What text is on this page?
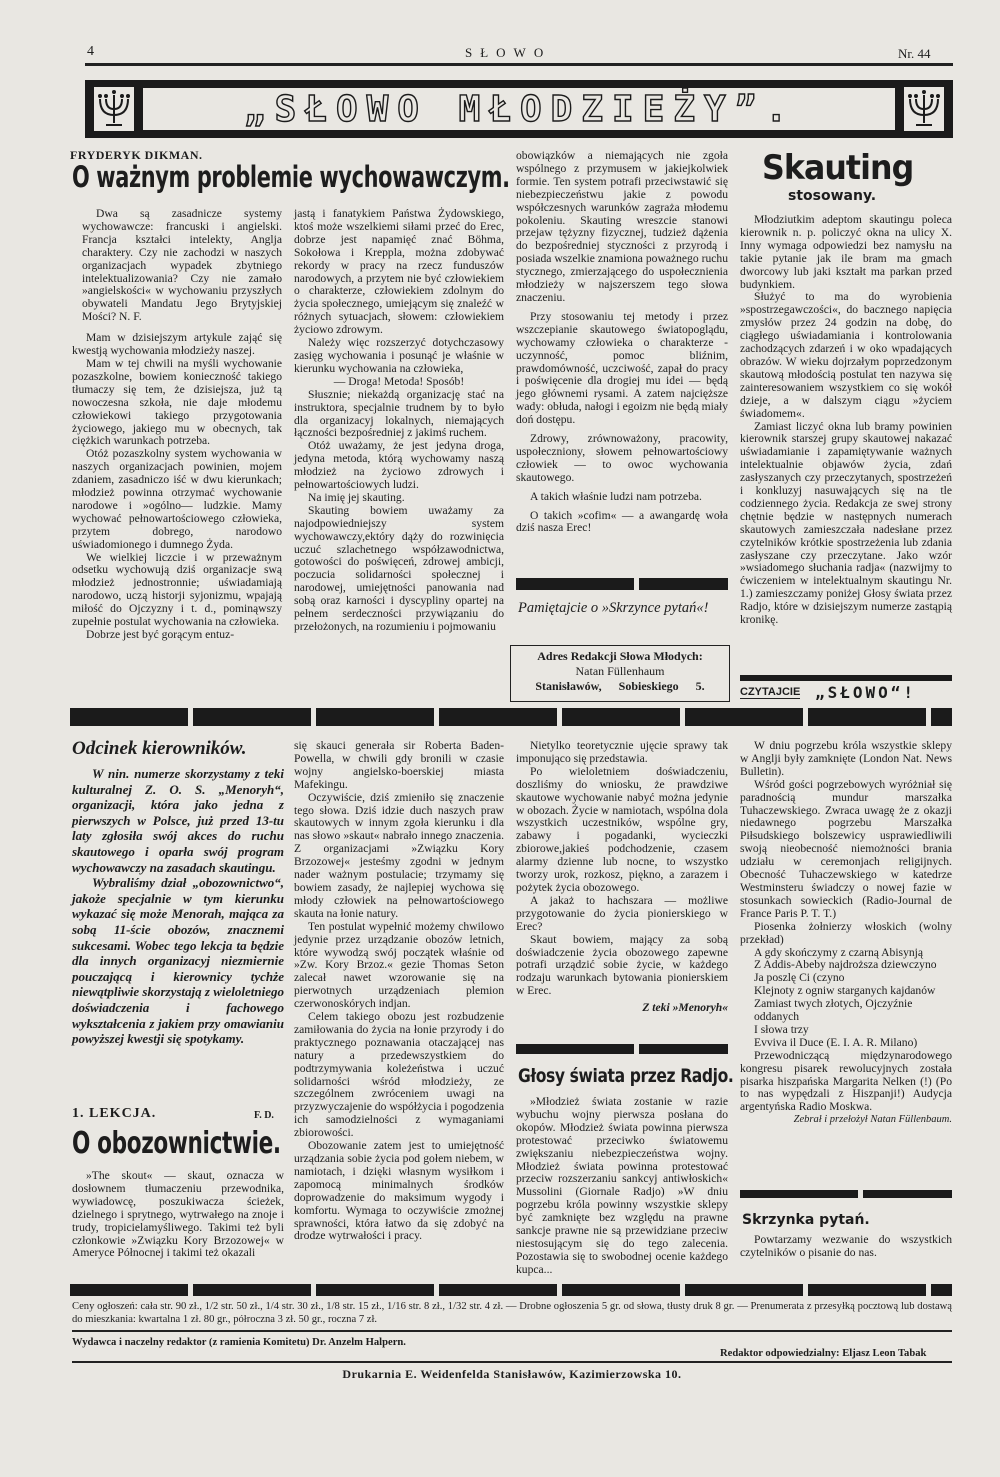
4	SŁOWO	Nr. 44
„SŁOWO MŁODZIEŻY”.
FRYDERYK DIKMAN.
O ważnym problemie wychowawczym.

Dwa są zasadnicze systemy wychowawcze: francuski i angielski. Francja kształci intelekty, Anglja charaktery. Czy nie zachodzi w naszych organizacjach wypadek zbytniego intelektualizowania? Czy nie zamało »angielskości« w wychowaniu przyszłych obywateli Mandatu Jego Brytyjskiej Mości? N. F.

Mam w dzisiejszym artykule zająć się kwestją wychowania młodzieży naszej.

Mam w tej chwili na myśli wychowanie pozaszkolne, bowiem konieczność takiego tłumaczy się tem, że dzisiejsza, już tą nowoczesna szkoła, nie daje młodemu człowiekowi takiego przygotowania życiowego, jakiego mu w obecnych, tak ciężkich warunkach potrzeba.

Otóż pozaszkolny system wychowania w naszych organizacjach powinien, mojem zdaniem, zasadniczo iść w dwu kierunkach; młodzież powinna otrzymać wychowanie narodowe i »ogólno— ludzkie. Mamy wychować pełnowartościowego człowieka, przytem dobrego, narodowo uświadomionego i dumnego Żyda.

We wielkiej liczcie i w przeważnym odsetku wychowują dziś organizacje swą młodzież jednostronnie; uświadamiają narodowo, uczą historji syjonizmu, wpajają miłość do Ojczyzny i t. d., pominąwszy zupełnie postulat wychowania na człowieka.

Dobrze jest być gorącym entuz-

jastą i fanatykiem Państwa Żydowskiego, ktoś może wszelkiemi siłami przeć do Erec, dobrze jest napamięć znać Böhma, Sokołowa i Kreppla, można zdobywać rekordy w pracy na rzecz funduszów narodowych, a przytem nie być człowiekiem o charakterze, człowiekiem zdolnym do życia społecznego, umiejącym się znaleźć w różnych sytuacjach, słowem: człowiekiem życiowo zdrowym.

Należy więc rozszerzyć dotychczasowy zasięg wychowania i posunąć je właśnie w kierunku wychowania na człowieka,

— Droga! Metoda! Sposób!

Słusznie; niekażdą organizację stać na instruktora, specjalnie trudnem by to było dla organizacyj lokalnych, niemających łączności bezpośredniej z jakimś ruchem.

Otóż uważamy, że jest jedyna droga, jedyna metoda, którą wychowamy naszą młodzież na życiowo zdrowych i pełnowartościowych ludzi.

Na imię jej skauting.

Skauting bowiem uważamy za najodpowiedniejszy system wychowawczy,ektóry dąży do rozwinięcia uczuć szlachetnego współzawodnictwa, gotowości do poświęceń, zdrowej ambicji, poczucia solidarności społecznej i narodowej, umiejętności panowania nad sobą oraz karności i dyscypliny opartej na pełnem serdeczności przywiązaniu do przełożonych, na rozumieniu i pojmowaniu

obowiązków a niemających nie zgoła wspólnego z przymusem w jakiejkolwiek formie. Ten system potrafi przeciwstawić się niebezpieczeństwu jakie z powodu współczesnych warunków zagraża młodemu pokoleniu. Skauting wreszcie stanowi przejaw tężyzny fizycznej, tudzież dążenia do bezpośredniej styczności z przyrodą i posiada wszelkie znamiona poważnego ruchu stycznego, zmierzającego do uspołecznienia młodzieży w najszerszem tego słowa znaczeniu.

Przy stosowaniu tej metody i przez wszczepianie skautowego światopoglądu, wychowamy człowieka o charakterze - uczynność, pomoc bliźnim, prawdomówność, uczciwość, zapał do pracy i poświęcenie dla drogiej mu idei — będą jego głównemi rysami. A zatem najcięższe wady: obłuda, nałogi i egoizm nie będą miały doń dostępu.

Zdrowy, zrównoważony, pracowity, uspołeczniony, słowem pełnowartościowy człowiek — to owoc wychowania skautowego.

A takich właśnie ludzi nam potrzeba.

O takich »cofim« — a awangardę woła dziś nasza Erec!

Pamiętajcie o »Skrzynce pytań«!
Adres Redakcji Słowa Młodych:
Natan Füllenhaum
Stanisławów, Sobieskiego 5.
Skauting
stosowany.

Młodziutkim adeptom skautingu poleca kierownik n. p. policzyć okna na ulicy X. Inny wymaga odpowiedzi bez namysłu na takie pytanie jak ile bram ma gmach dworcowy lub jaki kształt ma parkan przed budynkiem.

Służyć to ma do wyrobienia »spostrzegawczości«, do bacznego napięcia zmysłów przez 24 godzin na dobę, do ciągłego uświadamiania i kontrolowania zachodzących zdarzeń i w oko wpadających obrazów. W wieku dojrzałym poprzedzonym skautową młodością postulat ten nazywa się zainteresowaniem wszystkiem co się wokół dzieje, a w dalszym ciągu »życiem świadomem«.

Zamiast liczyć okna lub bramy powinien kierownik starszej grupy skautowej nakazać uświadamianie i zapamiętywanie ważnych intelektualnie objawów życia, zdań zasłyszanych czy przeczytanych, spostrzeżeń i konkluzyj nasuwających się na tle codziennego życia. Redakcja ze swej strony chętnie będzie w następnych numerach skautowych zamieszczała nadesłane przez czytelników krótkie spostrzeżenia lub zdania zasłyszane czy przeczytane. Jako wzór »wsiadomego słuchania radja« (nazwijmy to ćwiczeniem w intelektualnym skautingu Nr. 1.) zamieszczamy poniżej Głosy świata przez Radjo, które w dzisiejszym numerze zastąpią kronikę.

CZYTAJCIE „SŁOWO“!
Odcinek kierowników.

W nin. numerze skorzystamy z teki kulturalnej Z. O. S. „Menoryh“, organizacji, która jako jedna z pierwszych w Polsce, już przed 13-tu laty zgłosiła swój akces do ruchu skautowego i oparła swój program wychowawczy na zasadach skautingu.

Wybraliśmy dział „obozownictwo“, jakoże specjalnie w tym kierunku wykazać się może Menorah, mająca za sobą 11-ście obozów, znacznemi sukcesami. Wobec tego lekcja ta będzie dla innych organizacyj niezmiernie pouczającą i kierownicy tychże niewątpliwie skorzystają z wieloletniego doświadczenia i fachowego wykształcenia z jakiem przy omawianiu powyższej kwestji się spotykamy.

1. LEKCJA.	F. D.
O obozownictwie.

»The skout« — skaut, oznacza w dosłownem tłumaczeniu przewodnika, wywiadowcę, poszukiwacza ścieżek, dzielnego i sprytnego, wytrwałego na znoje i trudy, tropicielamyśliwego. Takimi też byli członkowie »Związku Kory Brzozowej« w Ameryce Północnej i takimi też okazali

się skauci generała sir Roberta Baden-Powella, w chwili gdy bronili w czasie wojny angielsko-boerskiej miasta Mafekingu.

Oczywiście, dziś zmieniło się znaczenie tego słowa. Dziś idzie duch naszych praw skautowych w innym zgoła kierunku i dla nas słowo »skaut« nabrało innego znaczenia. Z organizacjami »Związku Kory Brzozowej« jesteśmy zgodni w jednym nader ważnym postulacie; trzymamy się bowiem zasady, że najlepiej wychowa się młody człowiek na pełnowartościowego skauta na łonie natury.

Ten postulat wypełnić możemy chwilowo jedynie przez urządzanie obozów letnich, które wywodzą swój początek właśnie od »Zw. Kory Brzoz.« gezie Thomas Seton zalecał nawet wzorowanie się na pierwotnych urządzeniach plemion czerwonoskórych indjan.

Celem takiego obozu jest rozbudzenie zamiłowania do życia na łonie przyrody i do praktycznego poznawania otaczającej nas natury a przedewszystkiem do podtrzymywania koleżeństwa i uczuć solidarności wśród młodzieży, ze szczególnem zwróceniem uwagi na przyzwyczajenie do współżycia i pogodzenia ich samodzielności z wymaganiami zbiorowości.

Obozowanie zatem jest to umiejętność urządzania sobie życia pod gołem niebem, w namiotach, i dzięki własnym wysiłkom i zapomocą minimalnych środków doprowadzenie do maksimum wygody i komfortu. Wymaga to oczywiście zmożnej sprawności, która łatwo da się zdobyć na drodze wytrwałości i pracy.

Nietylko teoretycznie ujęcie sprawy tak imponująco się przedstawia.

Po wieloletniem doświadczeniu, doszliśmy do wniosku, że prawdziwe skautowe wychowanie nabyć można jedynie w obozach. Życie w namiotach, wspólna dola wszystkich uczestników, wspólne gry, zabawy i pogadanki, wycieczki zbiorowe,jakieś podchodzenie, czasem alarmy dzienne lub nocne, to wszystko tworzy urok, rozkosz, piękno, a zarazem i pożytek życia obozowego.

A jakaż to hachszara — możliwe przygotowanie do życia pionierskiego w Erec?

Skaut bowiem, mający za sobą doświadczenie życia obozowego zapewne potrafi urządzić sobie życie, w każdego rodzaju warunkach bytowania pionierskiem w Erec.

Z teki »Menoryh«

Głosy świata przez Radjo.

»Młodzież świata zostanie w razie wybuchu wojny pierwsza posłana do okopów. Młodzież świata powinna pierwsza protestować przeciwko światowemu zwiększaniu niebezpieczeństwa wojny. Młodzież świata powinna protestować przeciw rozszerzaniu sankcyj antiwłoskich« Mussolini (Giornale Radjo) »W dniu pogrzebu króla powinny wszystkie sklepy być zamknięte bez względu na prawne sankcje prawne nie są przewidziane przeciw niestosującym się do tego zalecenia. Pozostawia się to swobodnej ocenie każdego kupca...

W dniu pogrzebu króla wszystkie sklepy w Anglji były zamknięte (London Nat. News Bulletin).

Wśród gości pogrzebowych wyróżniał się paradnością mundur marszałka Tuhaczewskiego. Zwraca uwagę że z okazji niedawnego pogrzebu Marszałka Piłsudskiego bolszewicy usprawiedliwili swoją nieobecność niemożności brania udziału w ceremonjach religijnych. Obecność Tuhaczewskiego w katedrze Westminsteru świadczy o nowej fazie w stosunkach sowieckich (Radio-Journal de France Paris P. T. T.)

Piosenka żołnierzy włoskich (wolny przekład)

A gdy skończymy z czarną Abisynją
Z Addis-Abeby najdroższa dziewczyno
Ja poszlę Ci (czyno
Klejnoty z ogniw starganych kajdanów
Zamiast twych złotych, Ojczyźnie oddanych
I słowa trzy
Evviva il Duce (E. I. A. R. Milano)

Przewodniczącą międzynarodowego kongresu pisarek rewolucyjnych została pisarka hiszpańska Margarita Nelken (!) (Po to nas wypędzali z Hiszpanji!) Audycja argentyńska Radio Moskwa.

Zebrał i przełożył Natan Füllenbaum.

Skrzynka pytań.

Powtarzamy wezwanie do wszystkich czytelników o pisanie do nas.

Ceny ogłoszeń: cała str. 90 zł., 1/2 str. 50 zł., 1/4 str. 30 zł., 1/8 str. 15 zł., 1/16 str. 8 zł., 1/32 str. 4 zł. — Drobne ogłoszenia 5 gr. od słowa, tłusty druk 8 gr. — Prenumerata z przesyłką pocztową lub dostawą do mieszkania: kwartalna 1 zł. 80 gr., półroczna 3 zł. 50 gr., roczna 7 zł.
Wydawca i naczelny redaktor (z ramienia Komitetu) Dr. Anzelm Halpern.
Redaktor odpowiedzialny: Eljasz Leon Tabak
Drukarnia E. Weidenfelda Stanisławów, Kazimierzowska 10.
